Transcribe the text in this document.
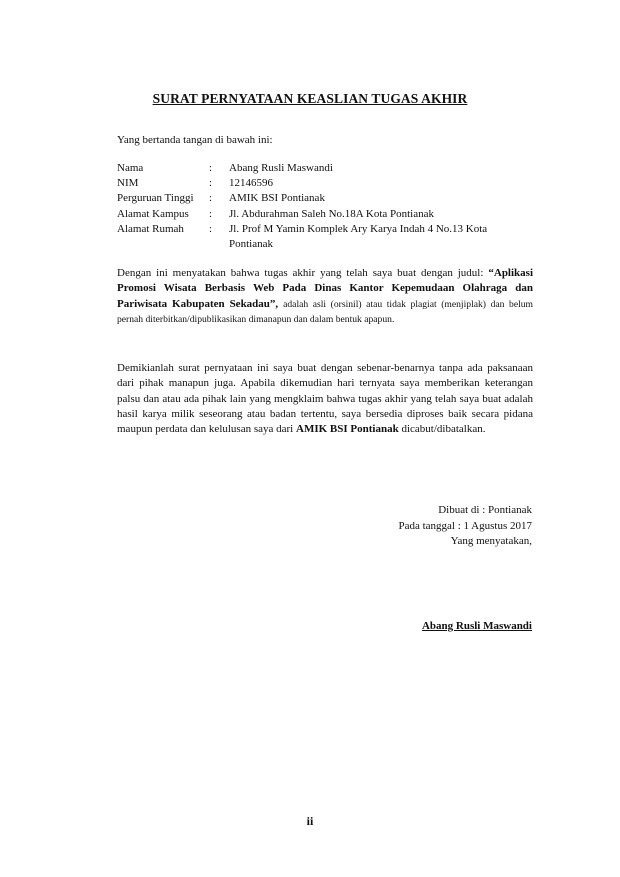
SURAT PERNYATAAN KEASLIAN TUGAS AKHIR
Yang bertanda tangan di bawah ini:
Nama	:	Abang Rusli Maswandi
NIM	:	12146596
Perguruan Tinggi	:	AMIK BSI Pontianak
Alamat Kampus	:	Jl. Abdurahman Saleh No.18A Kota Pontianak
Alamat Rumah	:	Jl. Prof M Yamin Komplek Ary Karya Indah 4 No.13 Kota Pontianak
Dengan ini menyatakan bahwa tugas akhir yang telah saya buat dengan judul: “Aplikasi Promosi Wisata Berbasis Web Pada Dinas Kantor Kepemudaan Olahraga dan Pariwisata Kabupaten Sekadau”, adalah asli (orsinil) atau tidak plagiat (menjiplak) dan belum pernah diterbitkan/dipublikasikan dimanapun dan dalam bentuk apapun.
Demikianlah surat pernyataan ini saya buat dengan sebenar-benarnya tanpa ada paksanaan dari pihak manapun juga. Apabila dikemudian hari ternyata saya memberikan keterangan palsu dan atau ada pihak lain yang mengklaim bahwa tugas akhir yang telah saya buat adalah hasil karya milik seseorang atau badan tertentu, saya bersedia diproses baik secara pidana maupun perdata dan kelulusan saya dari AMIK BSI Pontianak dicabut/dibatalkan.
Dibuat di : Pontianak
Pada tanggal : 1 Agustus 2017
Yang menyatakan,
Abang Rusli Maswandi
ii
